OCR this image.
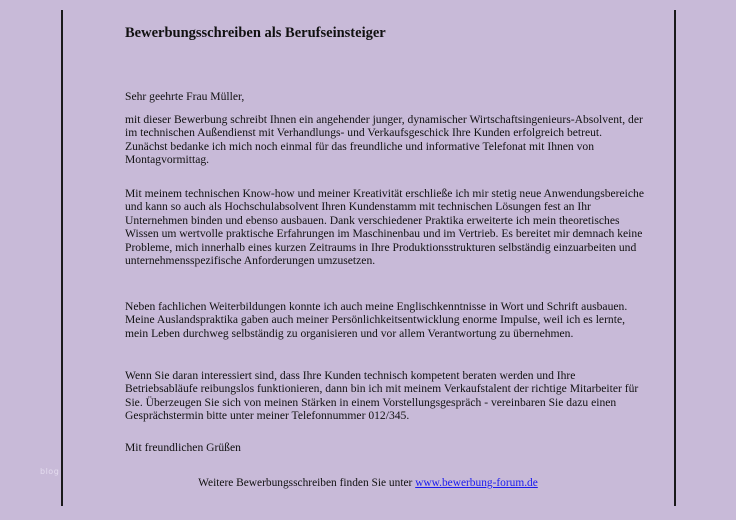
Bewerbungsschreiben als Berufseinsteiger

Sehr geehrte Frau Müller,

mit dieser Bewerbung schreibt Ihnen ein angehender junger, dynamischer Wirtschaftsingenieurs-Absolvent, der im technischen Außendienst mit Verhandlungs- und Verkaufsgeschick Ihre Kunden erfolgreich betreut. Zunächst bedanke ich mich noch einmal für das freundliche und informative Telefonat mit Ihnen von Montagvormittag.

Mit meinem technischen Know-how und meiner Kreativität erschließe ich mir stetig neue Anwendungsbereiche und kann so auch als Hochschulabsolvent Ihren Kundenstamm mit technischen Lösungen fest an Ihr Unternehmen binden und ebenso ausbauen. Dank verschiedener Praktika erweiterte ich mein theoretisches Wissen um wertvolle praktische Erfahrungen im Maschinenbau und im Vertrieb. Es bereitet mir demnach keine Probleme, mich innerhalb eines kurzen Zeitraums in Ihre Produktionsstrukturen selbständig einzuarbeiten und unternehmensspezifische Anforderungen umzusetzen.

Neben fachlichen Weiterbildungen konnte ich auch meine Englischkenntnisse in Wort und Schrift ausbauen. Meine Auslandspraktika gaben auch meiner Persönlichkeitsentwicklung enorme Impulse, weil ich es lernte, mein Leben durchweg selbständig zu organisieren und vor allem Verantwortung zu übernehmen.

Wenn Sie daran interessiert sind, dass Ihre Kunden technisch kompetent beraten werden und Ihre Betriebsabläufe reibungslos funktionieren, dann bin ich mit meinem Verkaufstalent der richtige Mitarbeiter für Sie. Überzeugen Sie sich von meinen Stärken in einem Vorstellungsgespräch - vereinbaren Sie dazu einen Gesprächstermin bitte unter meiner Telefonnummer 012/345.

Mit freundlichen Grüßen

Weitere Bewerbungsschreiben finden Sie unter www.bewerbung-forum.de
blog
